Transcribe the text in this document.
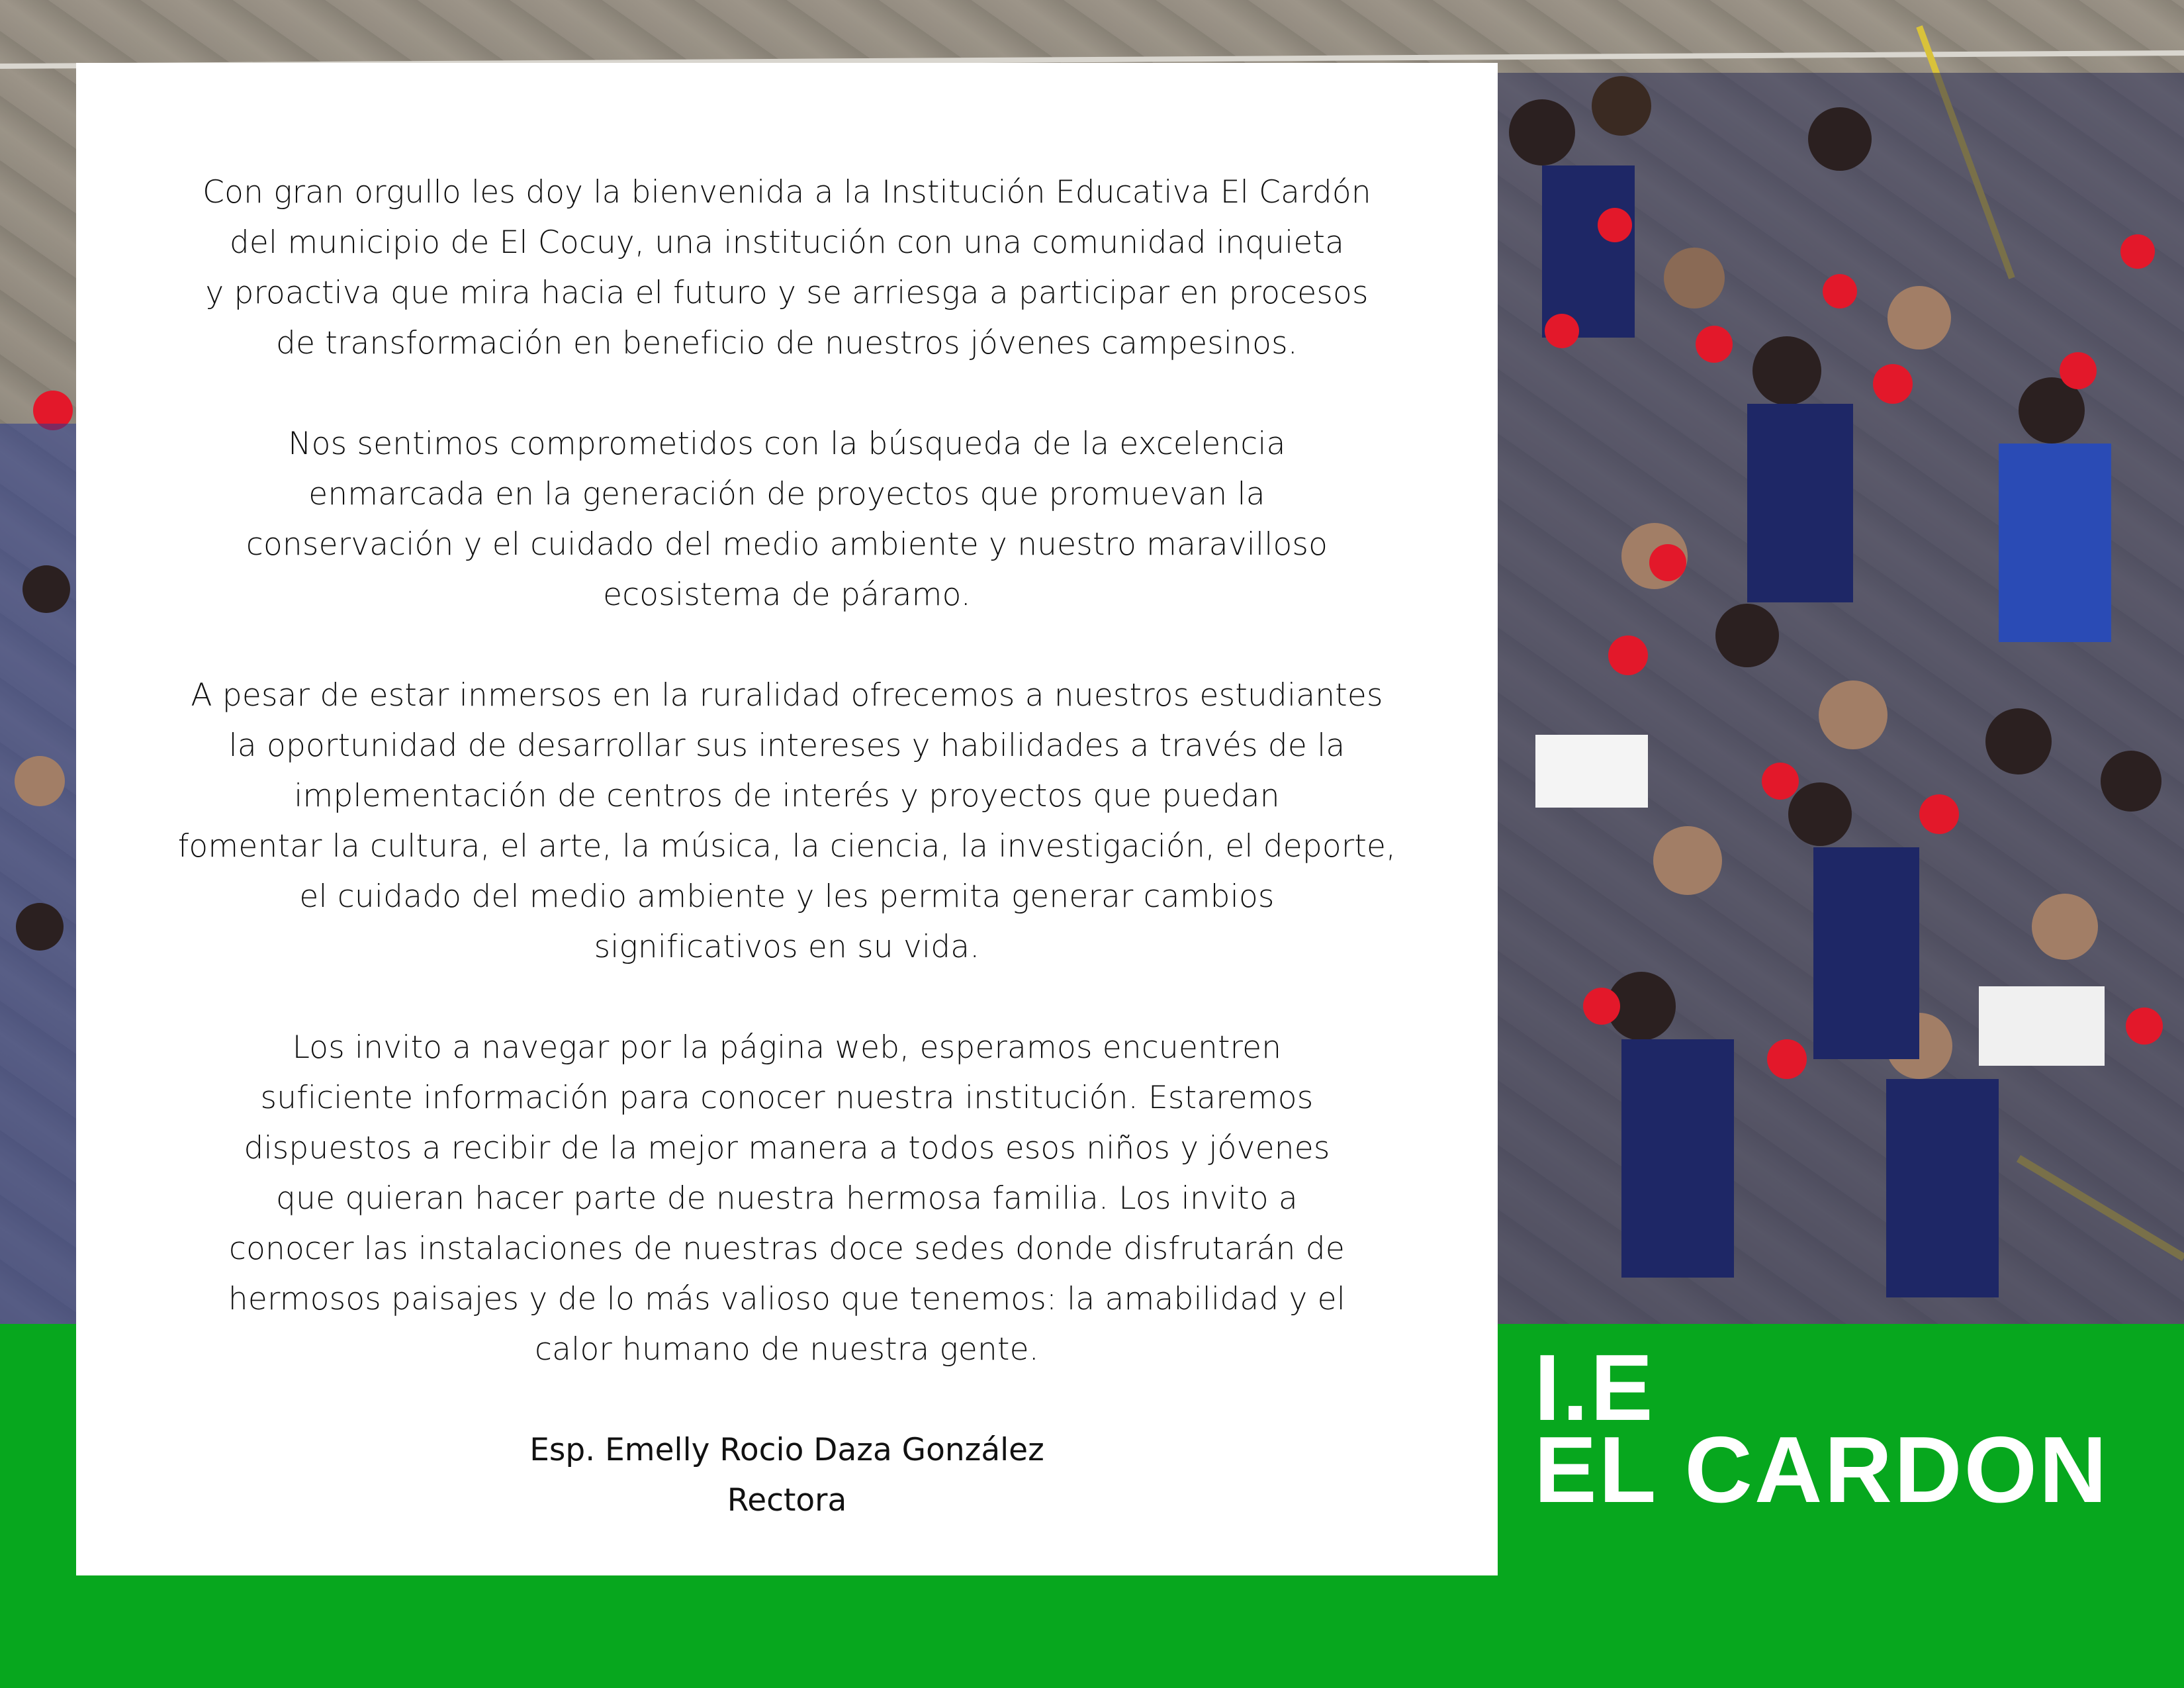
Con gran orgullo les doy la bienvenida a la Institución Educativa El Cardón
del municipio de El Cocuy, una institución con una comunidad inquieta
y proactiva que mira hacia el futuro y se arriesga a participar en procesos
de transformación en beneficio de nuestros jóvenes campesinos.

Nos sentimos comprometidos con la búsqueda de la excelencia
enmarcada en la generación de proyectos que promuevan la
conservación y el cuidado del medio ambiente y nuestro maravilloso
ecosistema de páramo.

A pesar de estar inmersos en la ruralidad ofrecemos a nuestros estudiantes
la oportunidad de desarrollar sus intereses y habilidades a través de la
implementación de centros de interés y proyectos que puedan
fomentar la cultura, el arte, la música, la ciencia, la investigación, el deporte,
el cuidado del medio ambiente y les permita generar cambios
significativos en su vida.

Los invito a navegar por la página web, esperamos encuentren
suficiente información para conocer nuestra institución. Estaremos
dispuestos a recibir de la mejor manera a todos esos niños y jóvenes
que quieran hacer parte de nuestra hermosa familia. Los invito a
conocer las instalaciones de nuestras doce sedes donde disfrutarán de
hermosos paisajes y de lo más valioso que tenemos: la amabilidad y el
calor humano de nuestra gente.

Esp. Emelly Rocio Daza González
Rectora
I.E
EL CARDON
